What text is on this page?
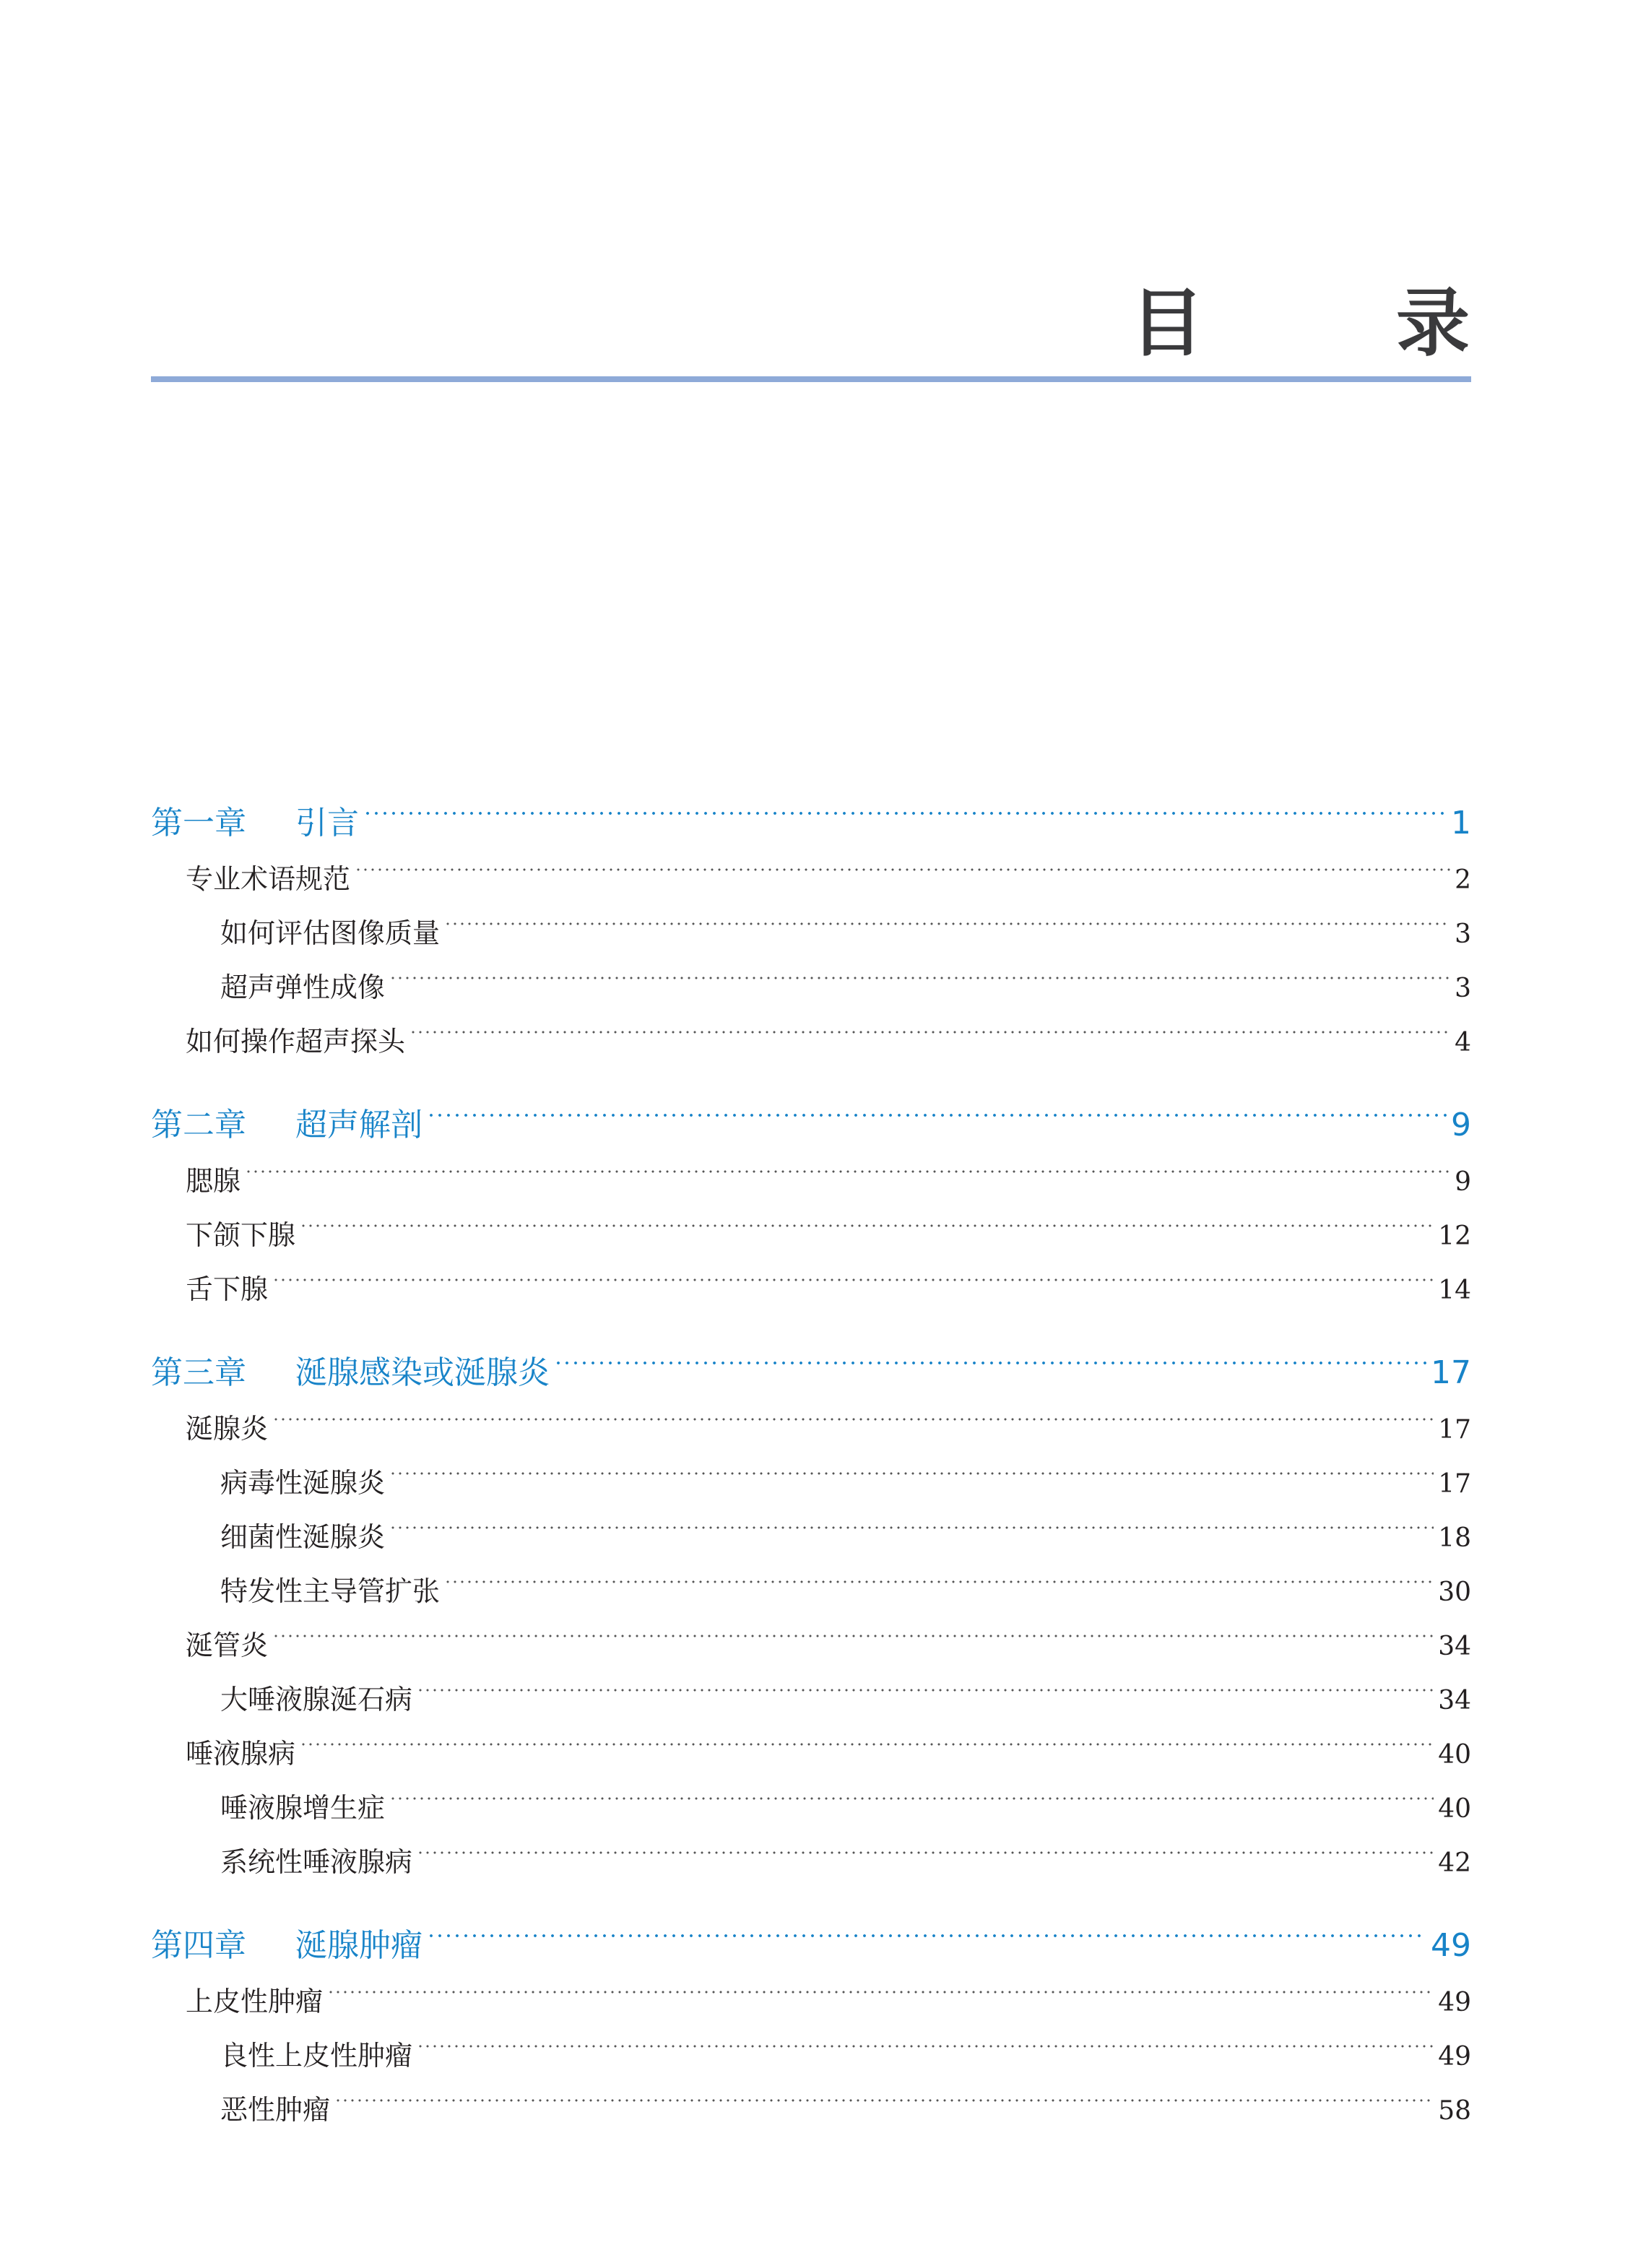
目　录
第一章 引言	1
专业术语规范	2
如何评估图像质量	3
超声弹性成像	3
如何操作超声探头	4
第二章 超声解剖	9
腮腺	9
下颌下腺	12
舌下腺	14
第三章 涎腺感染或涎腺炎	17
涎腺炎	17
病毒性涎腺炎	17
细菌性涎腺炎	18
特发性主导管扩张	30
涎管炎	34
大唾液腺涎石病	34
唾液腺病	40
唾液腺增生症	40
系统性唾液腺病	42
第四章 涎腺肿瘤	49
上皮性肿瘤	49
良性上皮性肿瘤	49
恶性肿瘤	58
